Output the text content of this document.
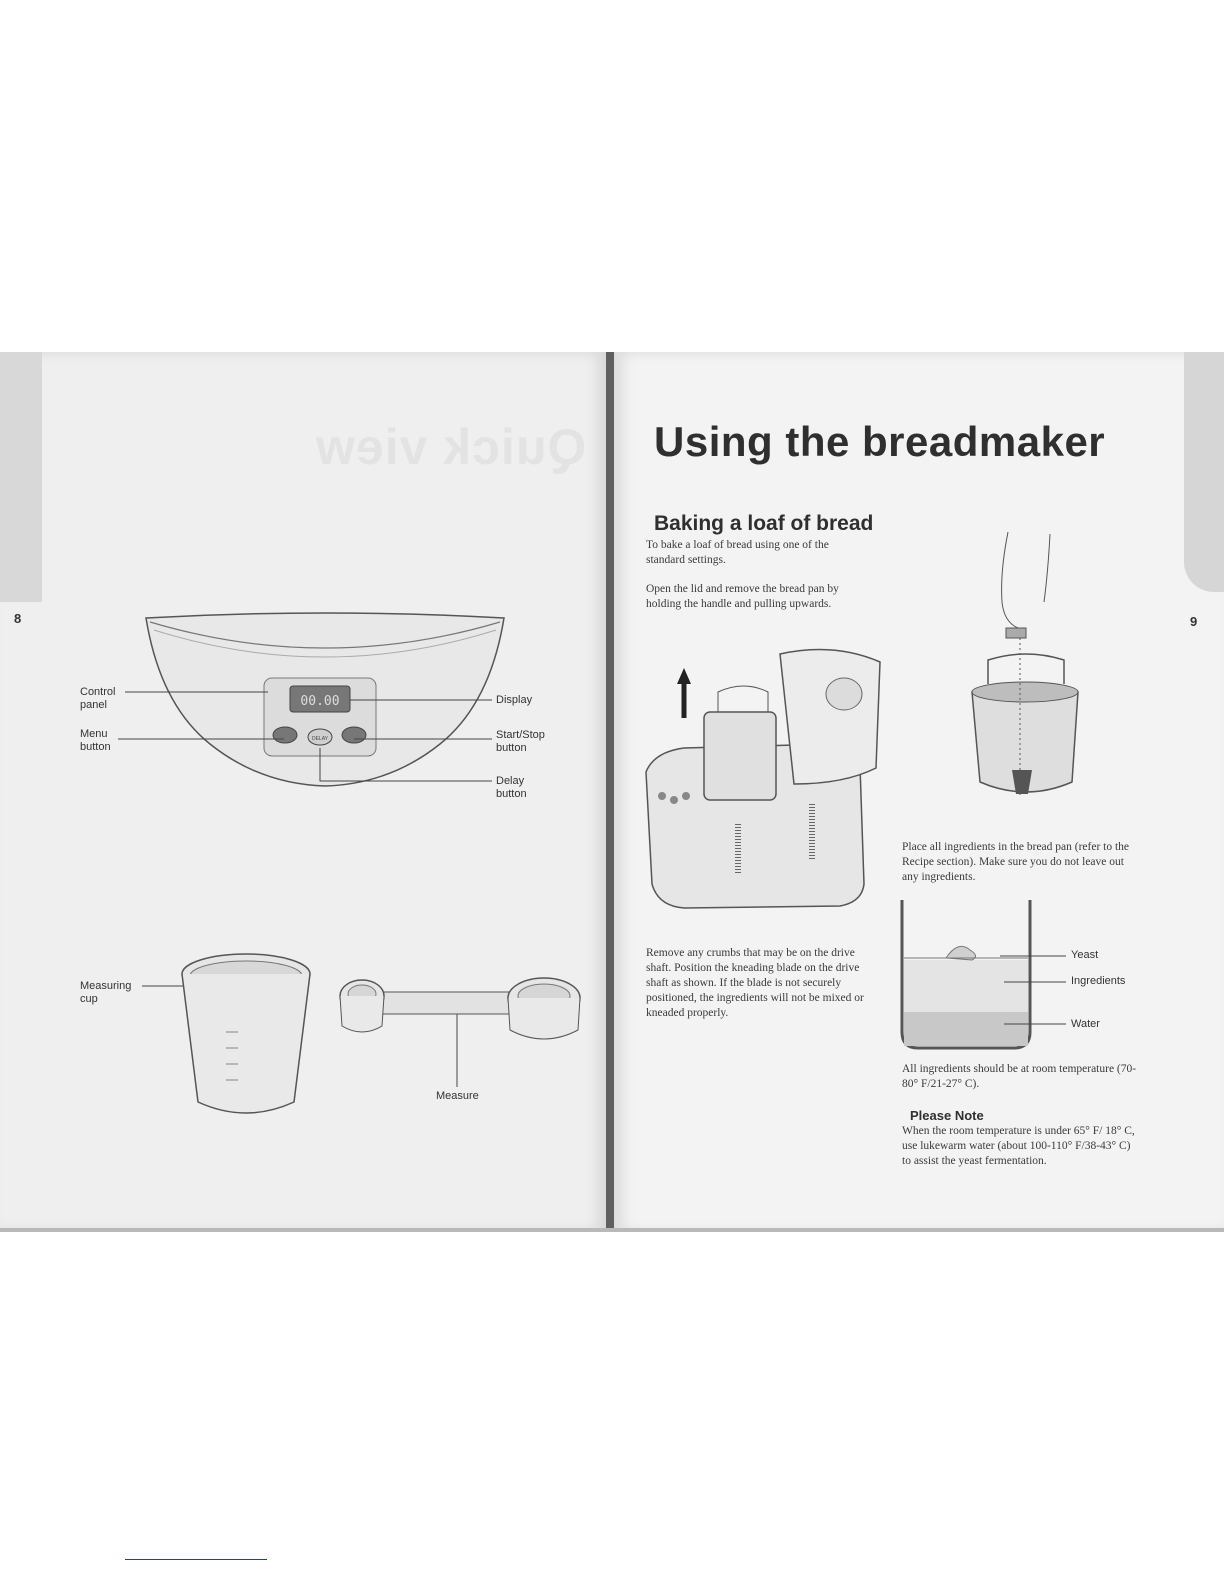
Quick view
8	9
00.00
DELAY
Control
panel
Menu
button
Display
Start/Stop
button
Delay
button
Measuring
cup
Measure
Using the breadmaker
Baking a loaf of bread
To bake a loaf of bread using one of the standard settings.
Open the lid and remove the bread pan by holding the handle and pulling upwards.
Remove any crumbs that may be on the drive shaft. Position the kneading blade on the drive shaft as shown. If the blade is not securely positioned, the ingredients will not be mixed or kneaded properly.
Place all ingredients in the bread pan (refer to the Recipe section). Make sure you do not leave out any ingredients.
Yeast
Ingredients
Water
All ingredients should be at room temperature (70-80° F/21-27° C).
Please Note
When the room temperature is under 65° F/ 18° C, use lukewarm water (about 100-110° F/38-43° C) to assist the yeast fermentation.
